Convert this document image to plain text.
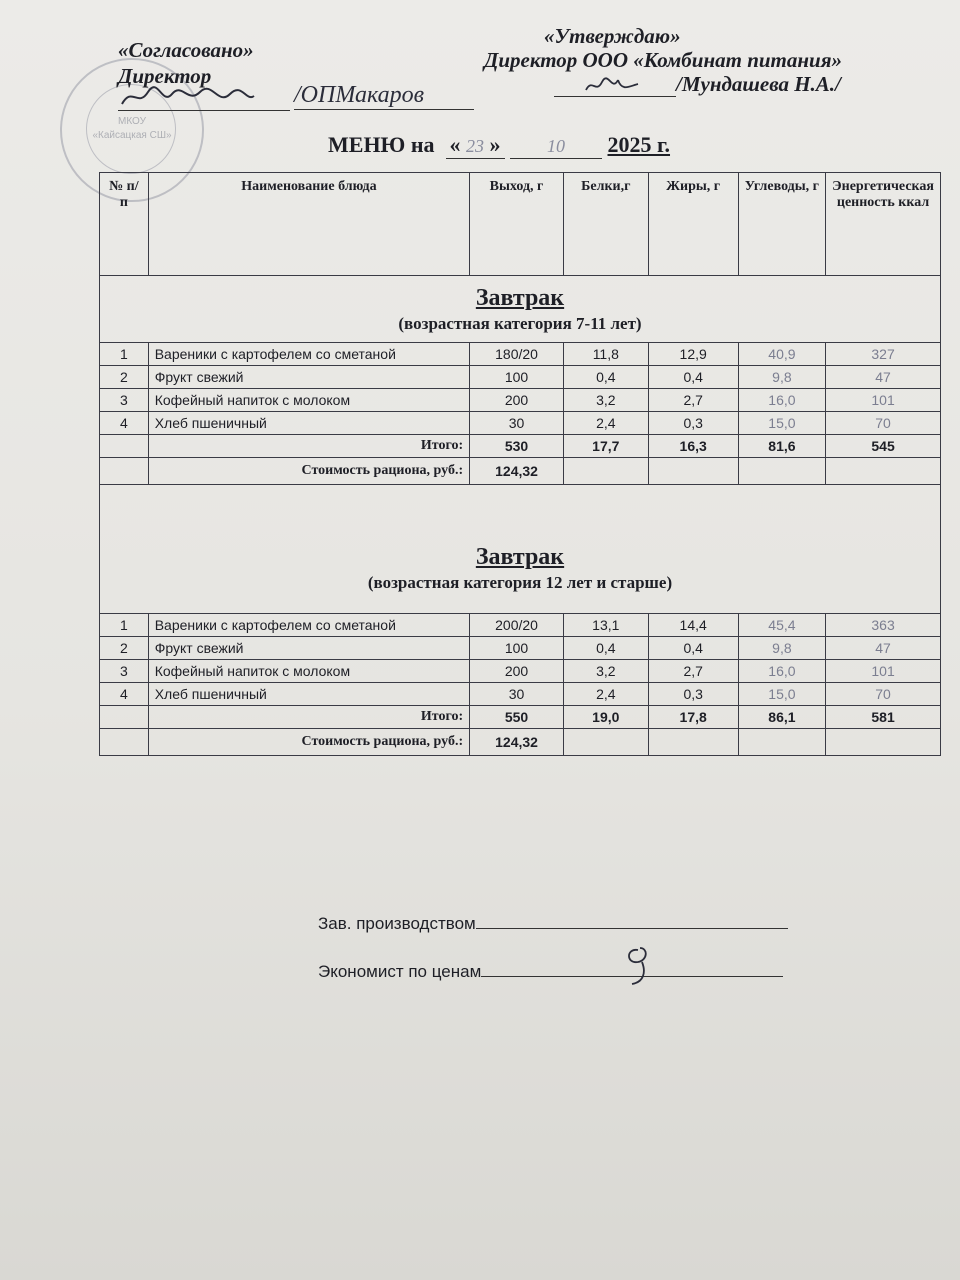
МКОУ
«Кайсацкая СШ»
«Согласовано»
Директор
/ОПМакаров
«Утверждаю»
Директор ООО «Комбинат питания»
/Мундашева Н.А./
МЕНЮ на « 23 »	10 2025 г.
№ п/п	Наименование блюда	Выход, г	Белки,г	Жиры, г	Углеводы, г	Энергетическая ценность ккал

Завтрак
(возрастная категория 7-11 лет)						

1	Вареники с картофелем со сметаной	180/20	11,8	12,9	40,9	327
2	Фрукт свежий	100	0,4	0,4	9,8	47
3	Кофейный напиток с молоком	200	3,2	2,7	16,0	101
4	Хлеб пшеничный	30	2,4	0,3	15,0	70
	Итого:	530	17,7	16,3	81,6	545
	Стоимость рациона, руб.:	124,32				

Завтрак
(возрастная категория 12 лет и старше)						

1	Вареники с картофелем со сметаной	200/20	13,1	14,4	45,4	363
2	Фрукт свежий	100	0,4	0,4	9,8	47
3	Кофейный напиток с молоком	200	3,2	2,7	16,0	101
4	Хлеб пшеничный	30	2,4	0,3	15,0	70
	Итого:	550	19,0	17,8	86,1	581
	Стоимость рациона, руб.:	124,32				
Зав. производством
Экономист по ценам
